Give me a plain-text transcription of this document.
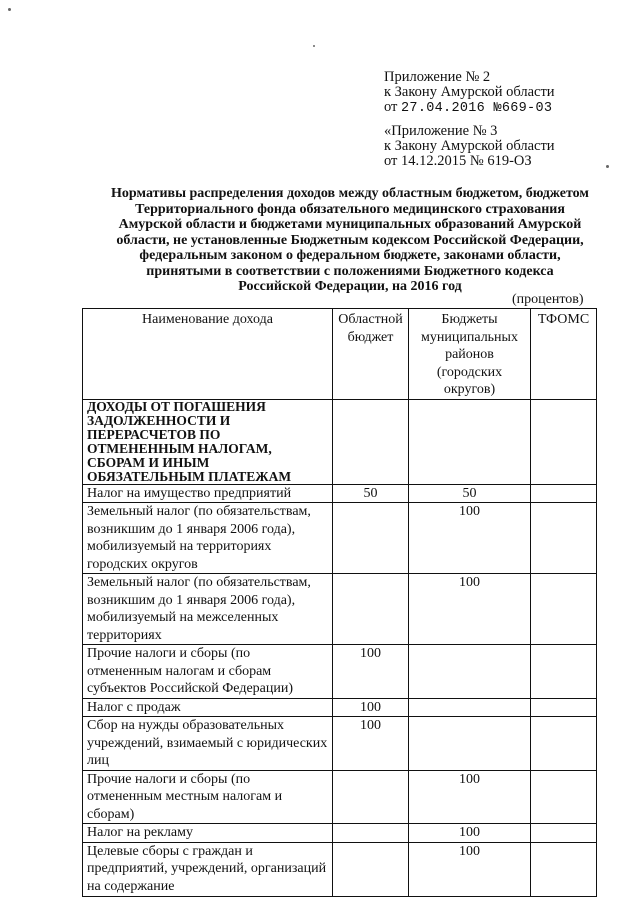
Приложение № 2
к Закону Амурской области
от 27.04.2016 №669-03
«Приложение № 3
к Закону Амурской области
от 14.12.2015 № 619-ОЗ
Нормативы распределения доходов между областным бюджетом, бюджетом Территориального фонда обязательного медицинского страхования Амурской области и бюджетами муниципальных образований Амурской области, не установленные Бюджетным кодексом Российской Федерации, федеральным законом о федеральном бюджете, законами области, принятыми в соответствии с положениями Бюджетного кодекса Российской Федерации, на 2016 год
(процентов)
Наименование дохода	Областной бюджет	Бюджеты муниципальных районов (городских округов)	ТФОМС
ДОХОДЫ ОТ ПОГАШЕНИЯ ЗАДОЛЖЕННОСТИ И ПЕРЕРАСЧЕТОВ ПО ОТМЕНЕННЫМ НАЛОГАМ, СБОРАМ И ИНЫМ ОБЯЗАТЕЛЬНЫМ ПЛАТЕЖАМ			
Налог на имущество предприятий	50	50	
Земельный налог (по обязательствам, возникшим до 1 января 2006 года), мобилизуемый на территориях городских округов		100	
Земельный налог (по обязательствам, возникшим до 1 января 2006 года), мобилизуемый на межселенных территориях		100	
Прочие налоги и сборы (по отмененным налогам и сборам субъектов Российской Федерации)	100		
Налог с продаж	100		
Сбор на нужды образовательных учреждений, взимаемый с юридических лиц	100		
Прочие налоги и сборы (по отмененным местным налогам и сборам)		100	
Налог на рекламу		100	
Целевые сборы с граждан и предприятий, учреждений, организаций на содержание		100	
